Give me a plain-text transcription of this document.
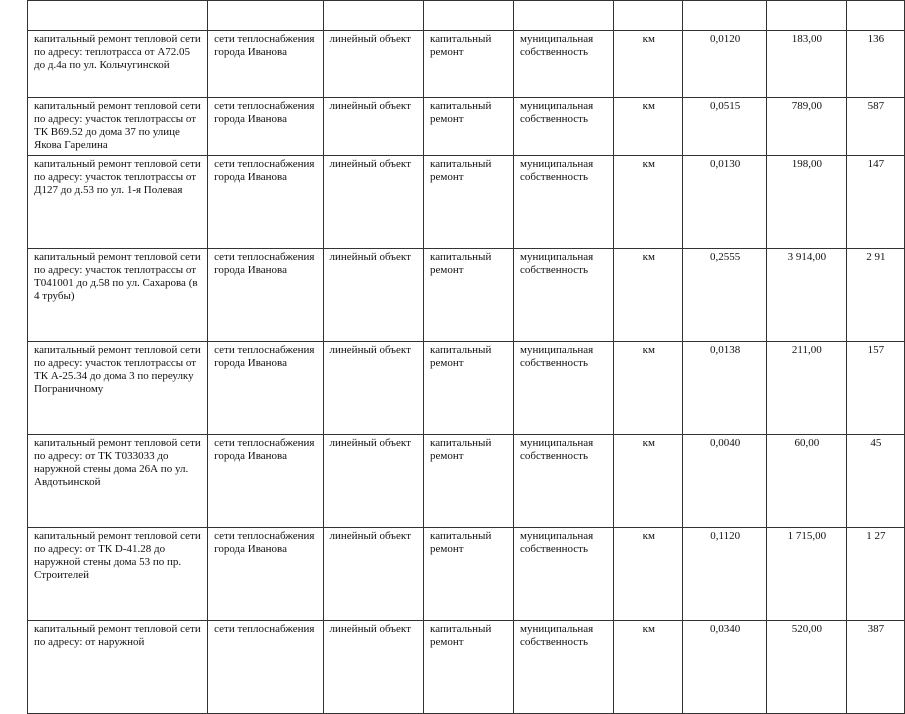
капитальный ремонт тепловой сети по адресу: теплотрасса от А72.05 до д.4а по ул. Кольчугинской	сети теплоснабжения города Иванова	линейный объект	капитальный ремонт	муниципальная собственность	км	0,0120	183,00	136
капитальный ремонт тепловой сети по адресу: участок теплотрассы от ТК В69.52 до дома 37 по улице Якова Гарелина	сети теплоснабжения города Иванова	линейный объект	капитальный ремонт	муниципальная собственность	км	0,0515	789,00	587
капитальный ремонт тепловой сети по адресу: участок теплотрассы от Д127 до д.53 по ул. 1-я Полевая	сети теплоснабжения города Иванова	линейный объект	капитальный ремонт	муниципальная собственность	км	0,0130	198,00	147
капитальный ремонт тепловой сети по адресу: участок теплотрассы от Т041001 до д.58 по ул. Сахарова (в 4 трубы)	сети теплоснабжения города Иванова	линейный объект	капитальный ремонт	муниципальная собственность	км	0,2555	3 914,00	2 91
капитальный ремонт тепловой сети по адресу: участок теплотрассы от ТК А-25.34 до дома 3 по переулку Пограничному	сети теплоснабжения города Иванова	линейный объект	капитальный ремонт	муниципальная собственность	км	0,0138	211,00	157
капитальный ремонт тепловой сети по адресу: от ТК Т033033 до наружной стены дома 26А по ул. Авдотьинской	сети теплоснабжения города Иванова	линейный объект	капитальный ремонт	муниципальная собственность	км	0,0040	60,00	45
капитальный ремонт тепловой сети по адресу: от ТК D-41.28 до наружной стены дома 53 по пр. Строителей	сети теплоснабжения города Иванова	линейный объект	капитальный ремонт	муниципальная собственность	км	0,1120	1 715,00	1 27
капитальный ремонт тепловой сети по адресу: от наружной	сети теплоснабжения	линейный объект	капитальный ремонт	муниципальная собственность	км	0,0340	520,00	387
